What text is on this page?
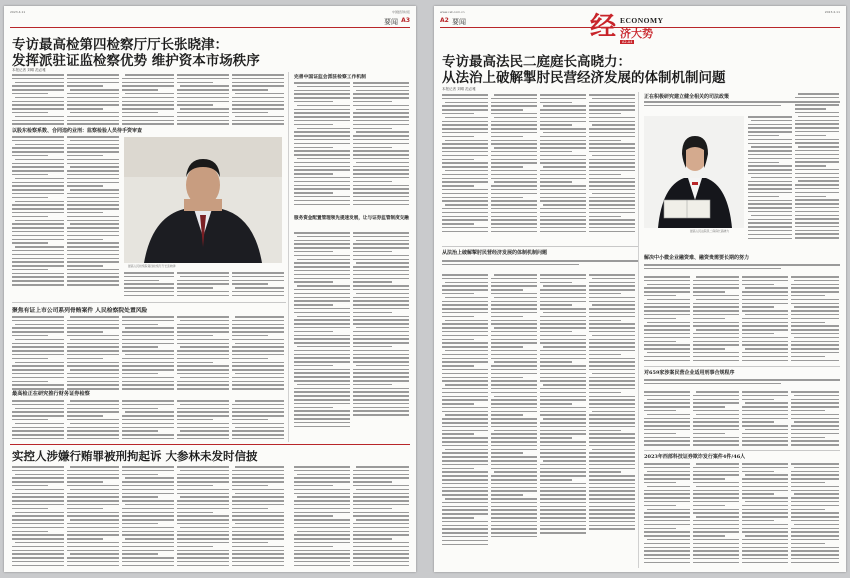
2023.4.11	中国经济时报
要闻 A3
专访最高检第四检察厅厅长张晓津：
发挥派驻证监检察优势 维护资本市场秩序
本报记者 刘晴 范必雅
以股东检察系数、合同违约业刑：监察检验人员待手资审查
最高人民检察院第四检察厅厅长张晓津
完善中国证监会派驻检察工作机制
服务资金配置管理领先提速发展，让与证券监管制度交融
聚焦有证上市公司系列骨贿案件 人民检察院处置风险
最高检正在研究推行财务证券检察
实控人涉嫌行贿罪被刑拘起诉 大参林未发时信披
www.cet.com.cn	2023.4.11
A2 要闻	经 ECONOMY
济大势
A2-A4
专访最高法民二庭庭长高晓力：
从法治上破解掣肘民营经济发展的体制机制问题
本报记者 刘晴 范必雅
正在积极研究建立健全相关的司法政策
最高人民法院民二庭庭长高晓力
从法治上破解掣肘民营经济发展的体制机制问题
解决中小微企业融资难、融资贵需要长期的努力
对659家涉案民营企业适用刑事合规程序
2023年西部科技证券欺诈发行案件4件/46人
